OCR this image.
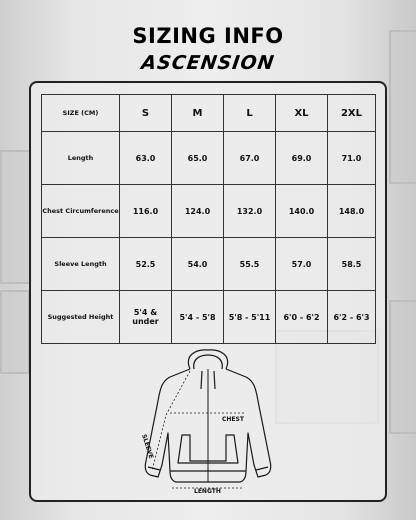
SIZING INFO
ASCENSION
SIZE (CM)	S	M	L	XL	2XL
Length	63.0	65.0	67.0	69.0	71.0
Chest Circumference	116.0	124.0	132.0	140.0	148.0
Sleeve Length	52.5	54.0	55.5	57.0	58.5
Suggested Height	5'4 & under	5'4 - 5'8	5'8 - 5'11	6'0 - 6'2	6'2 - 6'3
CHEST
LENGTH
SLEEVE
